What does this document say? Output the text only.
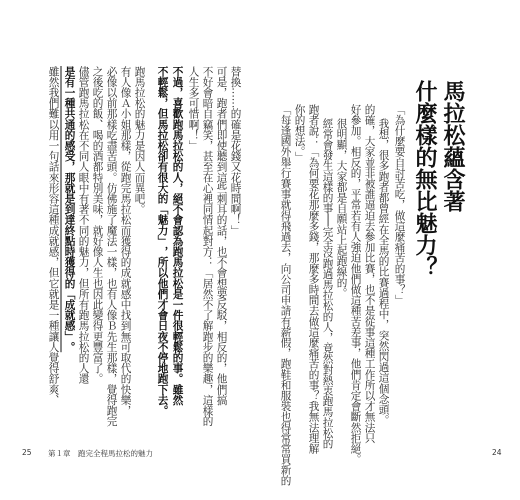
馬拉松蘊含著
什麼樣的無比魅力？
「為什麼要自討苦吃，做這麼痛苦的事？」
我想，很多跑者都曾經在全馬的比賽過程中，突然閃過這個念頭。
的確，大家並非被誰逼迫去參加比賽，也不是從事這種工作所以才無法只
好參加。相反的，平常若有人強迫他們做這種苦差事，他們肯定會斷然拒絕。
很明顯，大家都是自願站上起跑線的。
經常會發生這樣的事──完全沒跑過馬拉松的人，竟然對熱衷跑馬拉松的
跑者說：「為何要花那麼多錢，那麼多時間去做這麼痛苦的事？我無法理解
你的想法。」
「每逢國外舉行賽事就得飛過去，向公司申請有薪假，跑鞋和服裝也得常常買新的	24
替換……的確是花錢又花時間啊！」
可是，跑者們即使聽到這些刺耳的話，也不會想要反駁，相反的，他們搞
不好會暗自竊笑，甚至在心裡同情起對方：「居然不了解跑步的樂趣，這樣的
人生多可惜啊！」
不過，喜歡跑馬拉松的人，絕不會認為跑馬拉松是一件很輕鬆的事。雖然
不輕鬆，但馬拉松卻有很大的「魅力」，所以他們才會日夜不停地跑下去。
跑馬拉松的魅力是因人而異吧。
有人像Ａ小姐那樣，從跑完馬拉松而獲得的成就感中找到無可取代的快樂，
必像以前那樣吃盡苦頭。仿佛施了魔法一樣，也有人像Ｂ先生那樣，覺得跑完
之後吃的飯、喝的酒都特別美味，就好像人生也因此變得更豐富了。
儘管跑馬拉松在不同人眼中有著不同的魅力，但所有跑馬拉松的人還
是有一種共通的感受，那就是到達終點時獲得的「成就感」。
雖然我們難以用一句話來形容這種成就感，但它就是一種讓人覺得舒爽、
25 第１章　跑完全程馬拉松的魅力
